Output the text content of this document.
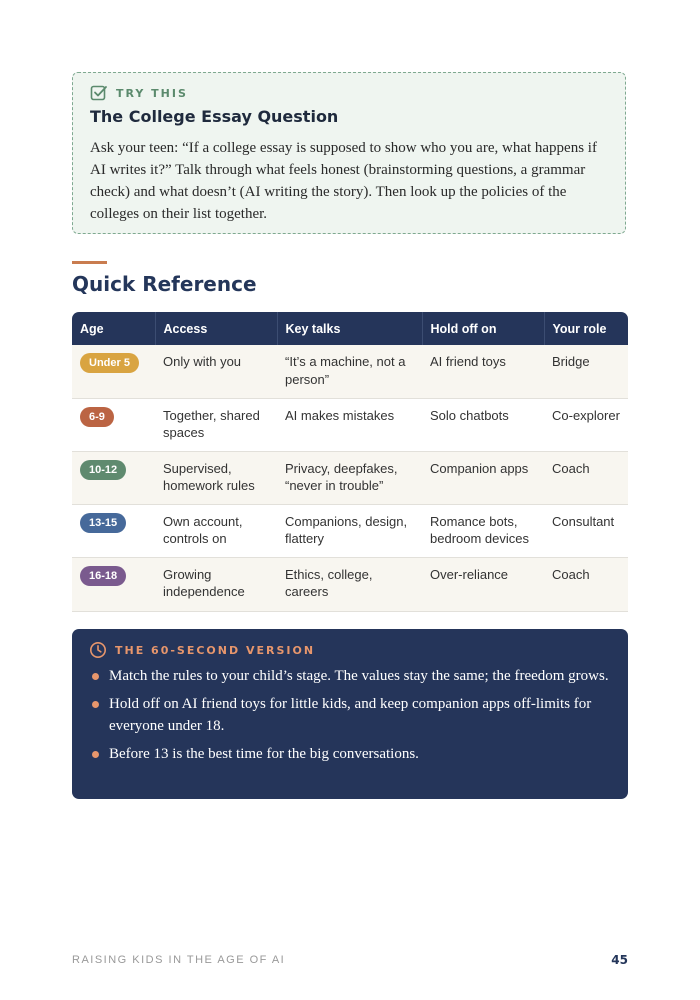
TRY THIS
The College Essay Question
Ask your teen: “If a college essay is supposed to show who you are, what happens if AI writes it?” Talk through what feels honest (brainstorming questions, a grammar check) and what doesn’t (AI writing the story). Then look up the policies of the colleges on their list together.
Quick Reference
Age	Access	Key talks	Hold off on	Your role
Under 5	Only with you	“It’s a machine, not a person”	AI friend toys	Bridge
6-9	Together, shared spaces	AI makes mistakes	Solo chatbots	Co-explorer
10-12	Supervised, homework rules	Privacy, deepfakes, “never in trouble”	Companion apps	Coach
13-15	Own account, controls on	Companions, design, flattery	Romance bots, bedroom devices	Consultant
16-18	Growing independence	Ethics, college, careers	Over-reliance	Coach
THE 60-SECOND VERSION
Match the rules to your child’s stage. The values stay the same; the freedom grows.
Hold off on AI friend toys for little kids, and keep companion apps off-limits for everyone under 18.
Before 13 is the best time for the big conversations.
RAISING KIDS IN THE AGE OF AI	45
